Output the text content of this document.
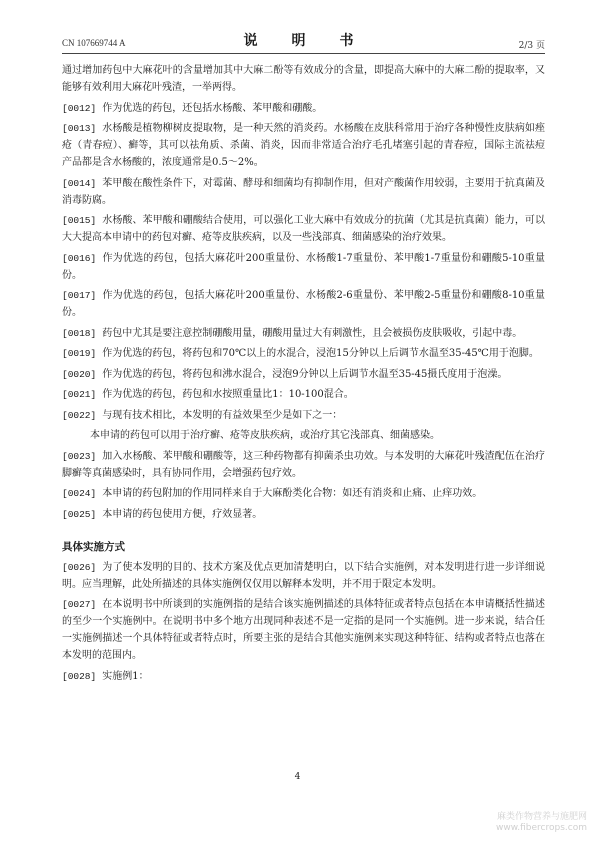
CN 107669744 A	说　明　书	2/3 页

通过增加药包中大麻花叶的含量增加其中大麻二酚等有效成分的含量，即提高大麻中的大麻二酚的提取率，又能够有效利用大麻花叶残渣，一举两得。

[0012] 作为优选的药包，还包括水杨酸、苯甲酸和硼酸。

[0013] 水杨酸是植物柳树皮提取物，是一种天然的消炎药。水杨酸在皮肤科常用于治疗各种慢性皮肤病如痤疮（青春痘）、癣等，其可以祛角质、杀菌、消炎，因而非常适合治疗毛孔堵塞引起的青春痘，国际主流祛痘产品都是含水杨酸的，浓度通常是0.5～2%。

[0014] 苯甲酸在酸性条件下，对霉菌、酵母和细菌均有抑制作用，但对产酸菌作用较弱，主要用于抗真菌及消毒防腐。

[0015] 水杨酸、苯甲酸和硼酸结合使用，可以强化工业大麻中有效成分的抗菌（尤其是抗真菌）能力，可以大大提高本申请中的药包对癣、疮等皮肤疾病，以及一些浅部真、细菌感染的治疗效果。

[0016] 作为优选的药包，包括大麻花叶200重量份、水杨酸1-7重量份、苯甲酸1-7重量份和硼酸5-10重量份。

[0017] 作为优选的药包，包括大麻花叶200重量份、水杨酸2-6重量份、苯甲酸2-5重量份和硼酸8-10重量份。

[0018] 药包中尤其是要注意控制硼酸用量，硼酸用量过大有刺激性，且会被损伤皮肤吸收，引起中毒。

[0019] 作为优选的药包，将药包和70℃以上的水混合，浸泡15分钟以上后调节水温至35-45℃用于泡脚。

[0020] 作为优选的药包，将药包和沸水混合，浸泡9分钟以上后调节水温至35-45摄氏度用于泡澡。

[0021] 作为优选的药包，药包和水按照重量比1：10-100混合。

[0022] 与现有技术相比，本发明的有益效果至少是如下之一：

本申请的药包可以用于治疗癣、疮等皮肤疾病，或治疗其它浅部真、细菌感染。

[0023] 加入水杨酸、苯甲酸和硼酸等，这三种药物都有抑菌杀虫功效。与本发明的大麻花叶残渣配伍在治疗脚癣等真菌感染时，具有协同作用，会增强药包疗效。

[0024] 本申请的药包附加的作用同样来自于大麻酚类化合物：如还有消炎和止痛、止痒功效。

[0025] 本申请的药包使用方便，疗效显著。

具体实施方式

[0026] 为了使本发明的目的、技术方案及优点更加清楚明白，以下结合实施例，对本发明进行进一步详细说明。应当理解，此处所描述的具体实施例仅仅用以解释本发明，并不用于限定本发明。

[0027] 在本说明书中所谈到的实施例指的是结合该实施例描述的具体特征或者特点包括在本申请概括性描述的至少一个实施例中。在说明书中多个地方出现同种表述不是一定指的是同一个实施例。进一步来说，结合任一实施例描述一个具体特征或者特点时，所要主张的是结合其他实施例来实现这种特征、结构或者特点也落在本发明的范围内。

[0028] 实施例1：

4
麻类作物营养与施肥网
www.fibercrops.com
